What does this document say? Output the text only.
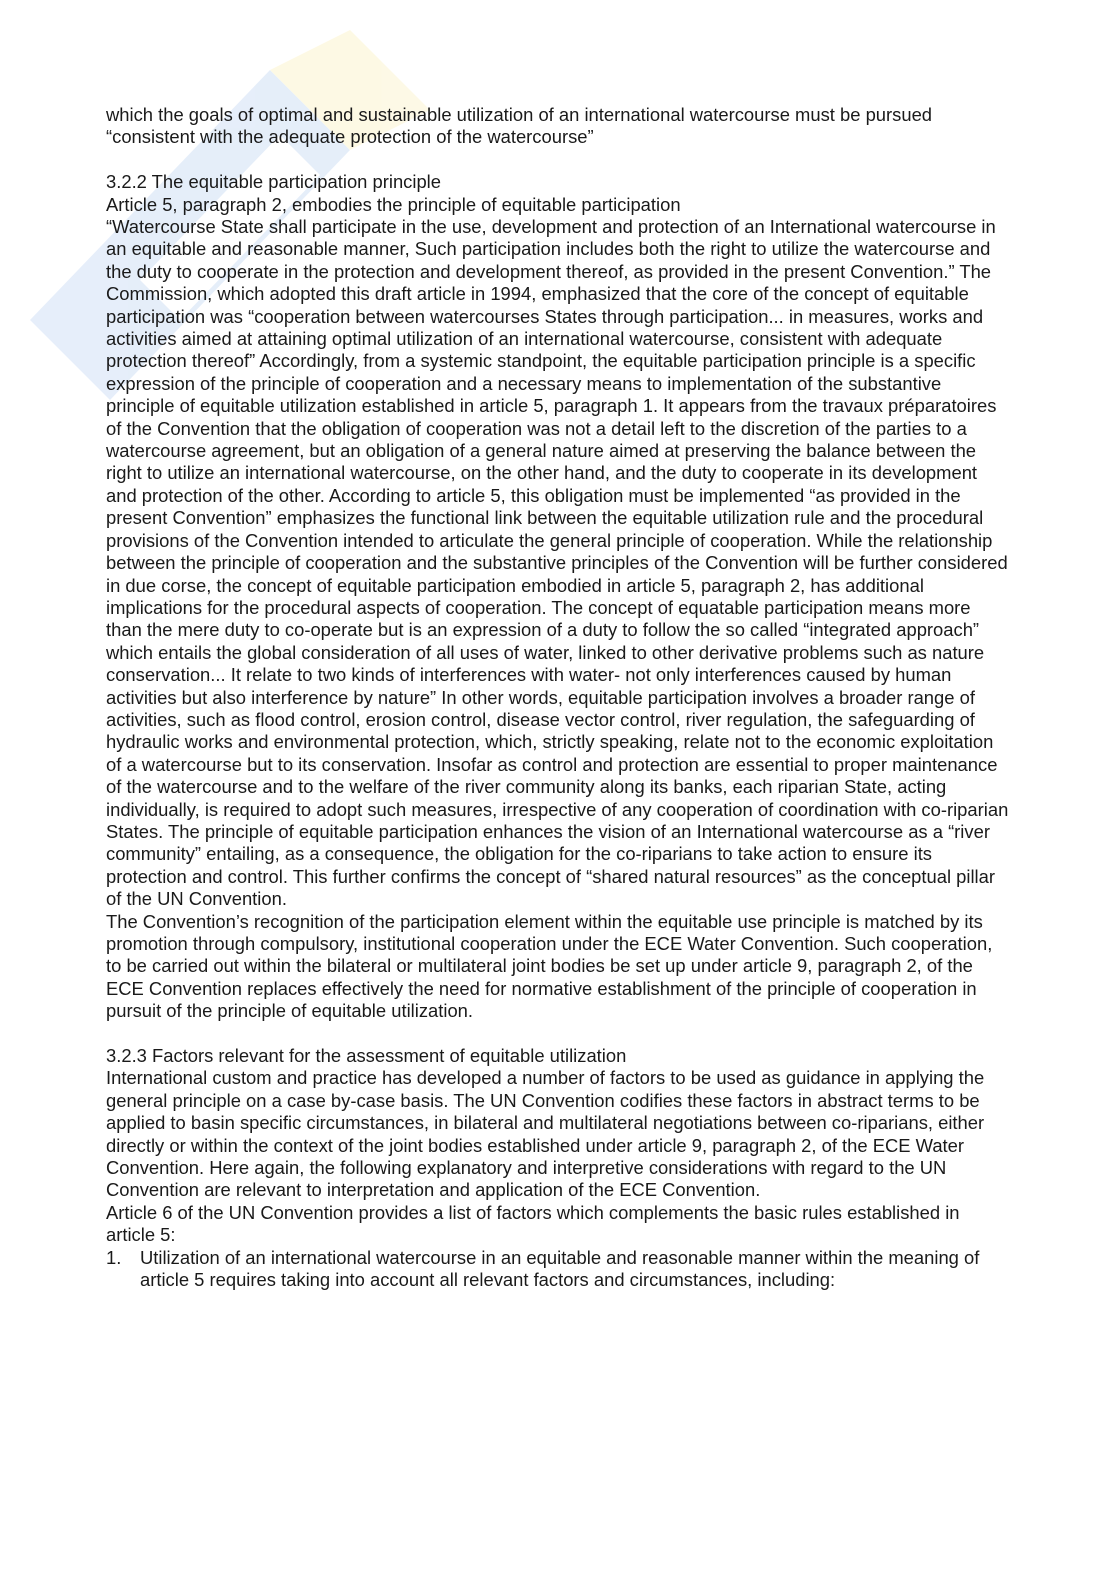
which the goals of optimal and sustainable utilization of an international watercourse must be pursued “consistent with the adequate protection of the watercourse”

3.2.2 The equitable participation principle

Article 5, paragraph 2, embodies the principle of equitable participation

“Watercourse State shall participate in the use, development and protection of an International watercourse in an equitable and reasonable manner, Such participation includes both the right to utilize the watercourse and the duty to cooperate in the protection and development thereof, as provided in the present Convention.” The Commission, which adopted this draft article in 1994, emphasized that the core of the concept of equitable participation was “cooperation between watercourses States through participation... in measures, works and activities aimed at attaining optimal utilization of an international watercourse, consistent with adequate protection thereof” Accordingly, from a systemic standpoint, the equitable participation principle is a specific expression of the principle of cooperation and a necessary means to implementation of the substantive principle of equitable utilization established in article 5, paragraph 1. It appears from the travaux préparatoires of the Convention that the obligation of cooperation was not a detail left to the discretion of the parties to a watercourse agreement, but an obligation of a general nature aimed at preserving the balance between the right to utilize an international watercourse, on the other hand, and the duty to cooperate in its development and protection of the other. According to article 5, this obligation must be implemented “as provided in the present Convention” emphasizes the functional link between the equitable utilization rule and the procedural provisions of the Convention intended to articulate the general principle of cooperation. While the relationship between the principle of cooperation and the substantive principles of the Convention will be further considered in due corse, the concept of equitable participation embodied in article 5, paragraph 2, has additional implications for the procedural aspects of cooperation. The concept of equatable participation means more than the mere duty to co-operate but is an expression of a duty to follow the so called “integrated approach” which entails the global consideration of all uses of water, linked to other derivative problems such as nature conservation... It relate to two kinds of interferences with water- not only interferences caused by human activities but also interference by nature” In other words, equitable participation involves a broader range of activities, such as flood control, erosion control, disease vector control, river regulation, the safeguarding of hydraulic works and environmental protection, which, strictly speaking, relate not to the economic exploitation of a watercourse but to its conservation. Insofar as control and protection are essential to proper maintenance of the watercourse and to the welfare of the river community along its banks, each riparian State, acting individually, is required to adopt such measures, irrespective of any cooperation of coordination with co-riparian States. The principle of equitable participation enhances the vision of an International watercourse as a “river community” entailing, as a consequence, the obligation for the co-riparians to take action to ensure its protection and control. This further confirms the concept of “shared natural resources” as the conceptual pillar of the UN Convention.

The Convention’s recognition of the participation element within the equitable use principle is matched by its promotion through compulsory, institutional cooperation under the ECE Water Convention. Such cooperation, to be carried out within the bilateral or multilateral joint bodies be set up under article 9, paragraph 2, of the ECE Convention replaces effectively the need for normative establishment of the principle of cooperation in pursuit of the principle of equitable utilization.

3.2.3 Factors relevant for the assessment of equitable utilization

International custom and practice has developed a number of factors to be used as guidance in applying the general principle on a case by-case basis. The UN Convention codifies these factors in abstract terms to be applied to basin specific circumstances, in bilateral and multilateral negotiations between co-riparians, either directly or within the context of the joint bodies established under article 9, paragraph 2, of the ECE Water Convention. Here again, the following explanatory and interpretive considerations with regard to the UN Convention are relevant to interpretation and application of the ECE Convention.

Article 6 of the UN Convention provides a list of factors which complements the basic rules established in article 5:

1. Utilization of an international watercourse in an equitable and reasonable manner within the meaning of article 5 requires taking into account all relevant factors and circumstances, including:
